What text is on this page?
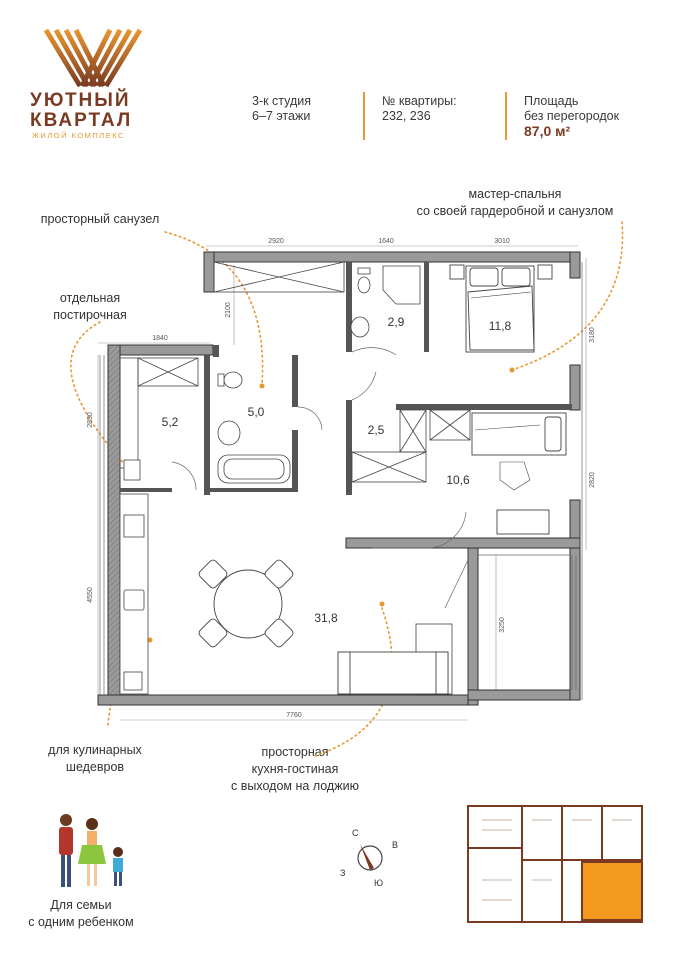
УЮТНЫЙ
КВАРТАЛ
ЖИЛОЙ КОМПЛЕКС
3-к студия
6–7 этажи
№ квартиры:
232, 236
Площадь
без перегородок
87,0 м²
просторный санузел
отдельная
постирочная
мастер-спальня
со своей гардеробной и санузлом
для кулинарных
шедевров
просторная
кухня-гостиная
с выходом на лоджию
2920	1640	3010
2100
1840	3180
2850
2820
4550
3250
7760
5,2
5,0
2,9	11,8
2,5
10,6
31,8
Для семьи
с одним ребенком
С
В
Ю
З
